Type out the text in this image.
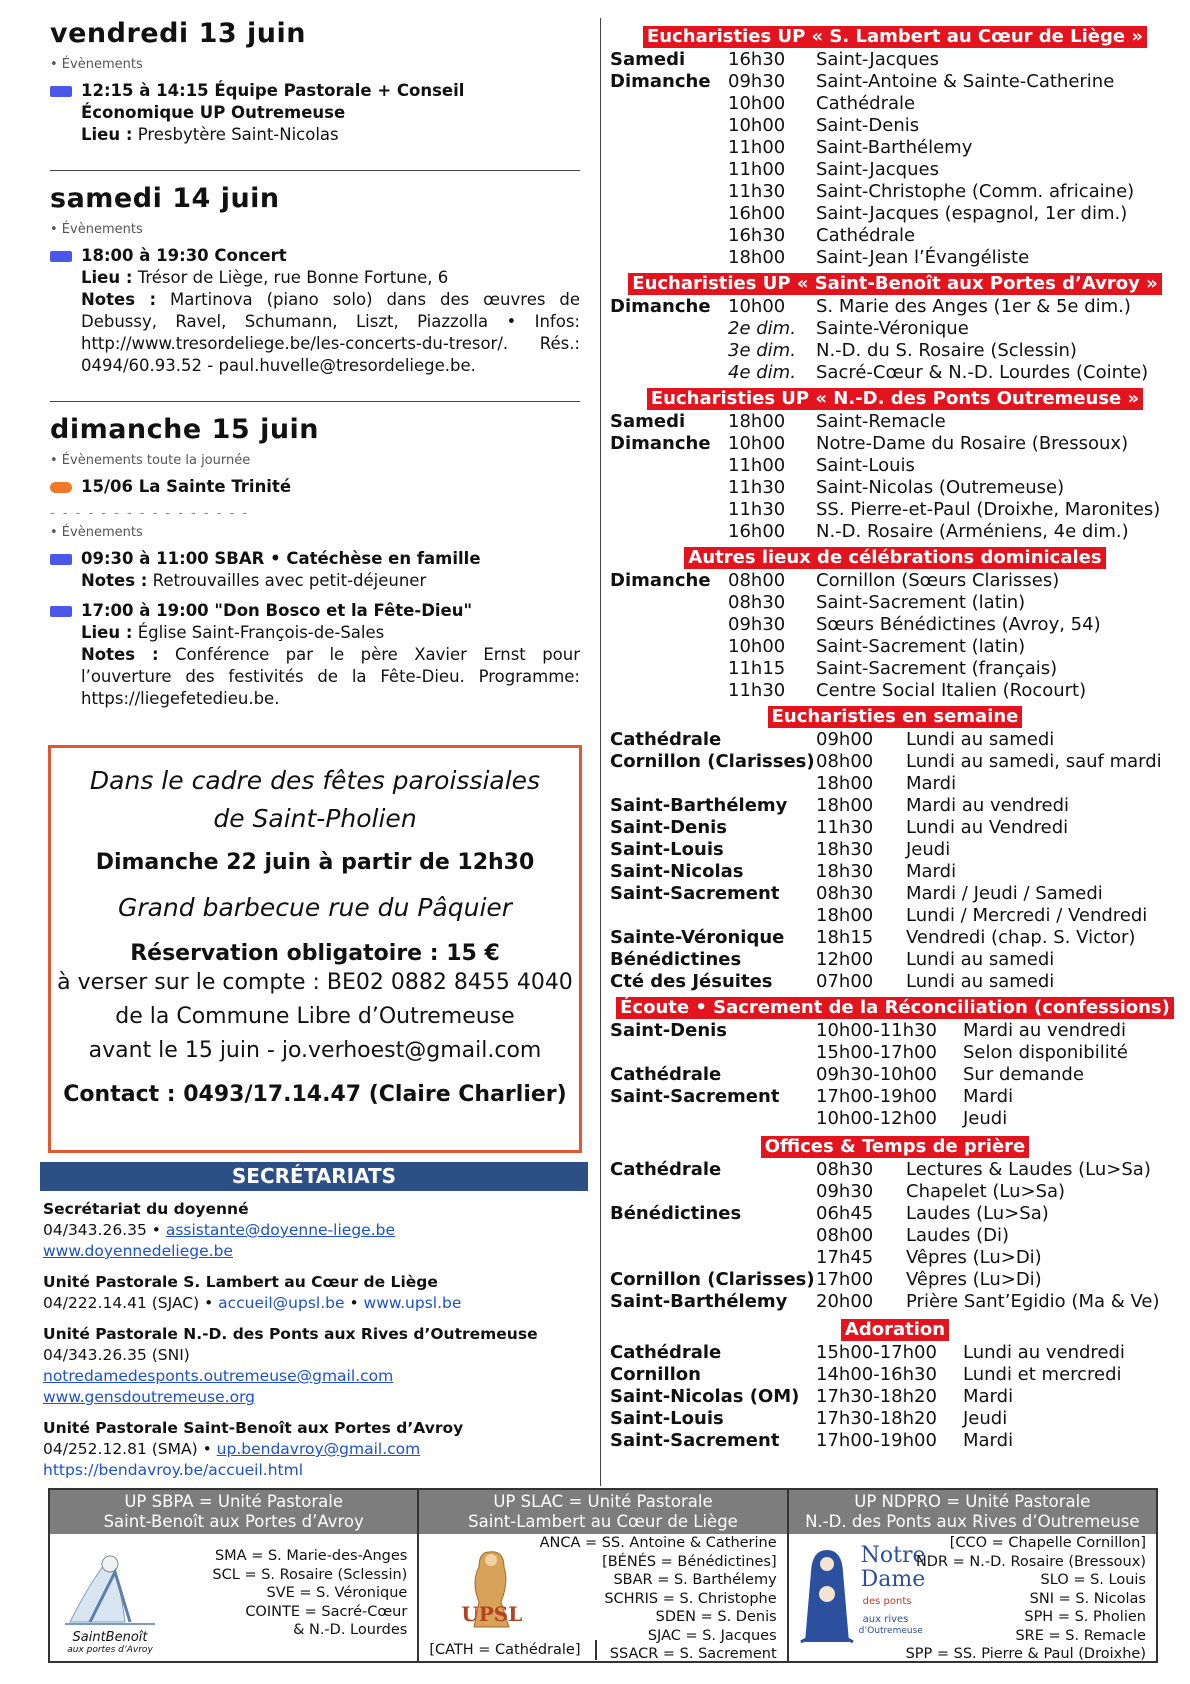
vendredi 13 juin
• Évènements
12:15 à 14:15 Équipe Pastorale + Conseil Économique UP Outremeuse
Lieu : Presbytère Saint-Nicolas
samedi 14 juin
• Évènements
18:00 à 19:30 Concert
Lieu : Trésor de Liège, rue Bonne Fortune, 6
Notes : Martinova (piano solo) dans des œuvres de Debussy, Ravel, Schumann, Liszt, Piazzolla • Infos: http://www.tresordeliege.be/les-concerts-du-tresor/. Rés.: 0494/60.93.52 - paul.huvelle@tresordeliege.be.
dimanche 15 juin
• Évènements toute la journée
15/06 La Sainte Trinité
- - - - - - - - - - - - - - - -
• Évènements
09:30 à 11:00 SBAR • Catéchèse en famille
Notes : Retrouvailles avec petit-déjeuner
17:00 à 19:00 "Don Bosco et la Fête-Dieu"
Lieu : Église Saint-François-de-Sales
Notes : Conférence par le père Xavier Ernst pour l’ouverture des festivités de la Fête-Dieu. Programme: https://liegefetedieu.be.
Dans le cadre des fêtes paroissiales
de Saint-Pholien
Dimanche 22 juin à partir de 12h30
Grand barbecue rue du Pâquier
Réservation obligatoire : 15 €
à verser sur le compte : BE02 0882 8455 4040
de la Commune Libre d’Outremeuse
avant le 15 juin - jo.verhoest@gmail.com
Contact : 0493/17.14.47 (Claire Charlier)
SECRÉTARIATS
Secrétariat du doyenné
04/343.26.35 • assistante@doyenne-liege.be
www.doyennedeliege.be
Unité Pastorale S. Lambert au Cœur de Liège
04/222.14.41 (SJAC) • accueil@upsl.be • www.upsl.be
Unité Pastorale N.-D. des Ponts aux Rives d’Outremeuse
04/343.26.35 (SNI)
notredamedesponts.outremeuse@gmail.com
www.gensdoutremeuse.org
Unité Pastorale Saint-Benoît aux Portes d’Avroy
04/252.12.81 (SMA) • up.bendavroy@gmail.com
https://bendavroy.be/accueil.html
Eucharisties UP « S. Lambert au Cœur de Liège »
Samedi	16h30	Saint-Jacques
Dimanche 09h30	Saint-Antoine & Sainte-Catherine
10h00	Cathédrale
10h00	Saint-Denis
11h00	Saint-Barthélemy
11h00	Saint-Jacques
11h30	Saint-Christophe (Comm. africaine)
16h00	Saint-Jacques (espagnol, 1er dim.)
16h30	Cathédrale
18h00	Saint-Jean l’Évangéliste
Eucharisties UP « Saint-Benoît aux Portes d’Avroy »
Dimanche 10h00	S. Marie des Anges (1er & 5e dim.)
2e dim.	Sainte-Véronique
3e dim.	N.-D. du S. Rosaire (Sclessin)
4e dim.	Sacré-Cœur & N.-D. Lourdes (Cointe)
Eucharisties UP « N.-D. des Ponts Outremeuse »
Samedi	18h00	Saint-Remacle
Dimanche 10h00	Notre-Dame du Rosaire (Bressoux)
11h00	Saint-Louis
11h30	Saint-Nicolas (Outremeuse)
11h30	SS. Pierre-et-Paul (Droixhe, Maronites)
16h00	N.-D. Rosaire (Arméniens, 4e dim.)
Autres lieux de célébrations dominicales
Dimanche 08h00	Cornillon (Sœurs Clarisses)
08h30	Saint-Sacrement (latin)
09h30	Sœurs Bénédictines (Avroy, 54)
10h00	Saint-Sacrement (latin)
11h15	Saint-Sacrement (français)
11h30	Centre Social Italien (Rocourt)
Eucharisties en semaine
Cathédrale	09h00	Lundi au samedi
Cornillon (Clarisses) 08h00	Lundi au samedi, sauf mardi
18h00	Mardi
Saint-Barthélemy	18h00	Mardi au vendredi
Saint-Denis	11h30	Lundi au Vendredi
Saint-Louis	18h30	Jeudi
Saint-Nicolas	18h30	Mardi
Saint-Sacrement	08h30	Mardi / Jeudi / Samedi
18h00	Lundi / Mercredi / Vendredi
Sainte-Véronique	18h15	Vendredi (chap. S. Victor)
Bénédictines	12h00	Lundi au samedi
Cté des Jésuites	07h00	Lundi au samedi
Écoute • Sacrement de la Réconciliation (confessions)
Saint-Denis	10h00-11h30	Mardi au vendredi
15h00-17h00	Selon disponibilité
Cathédrale	09h30-10h00	Sur demande
Saint-Sacrement	17h00-19h00	Mardi
10h00-12h00	Jeudi
Offices & Temps de prière
Cathédrale	08h30	Lectures & Laudes (Lu>Sa)
09h30	Chapelet (Lu>Sa)
Bénédictines	06h45	Laudes (Lu>Sa)
08h00	Laudes (Di)
17h45	Vêpres (Lu>Di)
Cornillon (Clarisses) 17h00	Vêpres (Lu>Di)
Saint-Barthélemy	20h00	Prière Sant’Egidio (Ma & Ve)
Adoration
Cathédrale	15h00-17h00	Lundi au vendredi
Cornillon	14h00-16h30	Lundi et mercredi
Saint-Nicolas (OM) 17h30-18h20	Mardi
Saint-Louis	17h30-18h20	Jeudi
Saint-Sacrement	17h00-19h00	Mardi
UP SBPA = Unité Pastorale
Saint-Benoît aux Portes d’Avroy
SaintBenoît
aux portes d’Avroy
SMA = S. Marie-des-Anges
SCL = S. Rosaire (Sclessin)
SVE = S. Véronique
COINTE = Sacré-Cœur
& N.-D. Lourdes
UP SLAC = Unité Pastorale
Saint-Lambert au Cœur de Liège
UPSL
[CATH = Cathédrale]
ANCA = SS. Antoine & Catherine
[BÉNÉS = Bénédictines]
SBAR = S. Barthélemy
SCHRIS = S. Christophe
SDEN = S. Denis
SJAC = S. Jacques
SSACR = S. Sacrement
UP NDPRO = Unité Pastorale
N.-D. des Ponts aux Rives d’Outremeuse
Notre
Dame
des ponts
aux rives
d’Outremeuse
[CCO = Chapelle Cornillon]
NDR = N.-D. Rosaire (Bressoux)
SLO = S. Louis
SNI = S. Nicolas
SPH = S. Pholien
SRE = S. Remacle
SPP = SS. Pierre & Paul (Droixhe)
